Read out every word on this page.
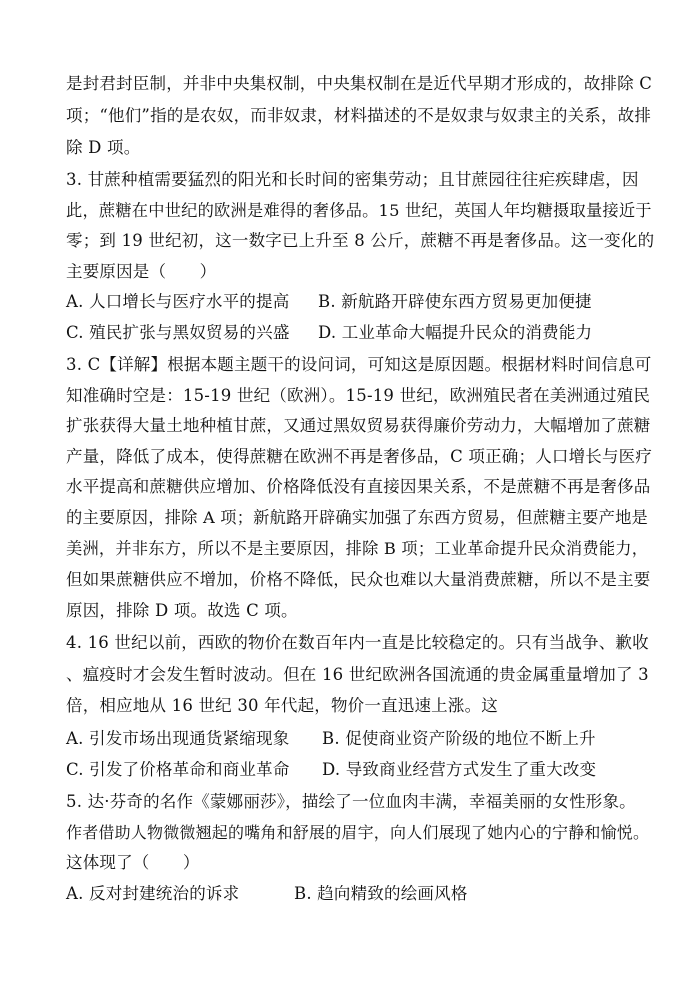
是封君封臣制，并非中央集权制，中央集权制在是近代早期才形成的，故排除 C
项；“他们”指的是农奴，而非奴隶，材料描述的不是奴隶与奴隶主的关系，故排
除 D 项。
3. 甘蔗种植需要猛烈的阳光和长时间的密集劳动；且甘蔗园往往疟疾肆虐，因
此，蔗糖在中世纪的欧洲是难得的奢侈品。15 世纪，英国人年均糖摄取量接近于
零；到 19 世纪初，这一数字已上升至 8 公斤，蔗糖不再是奢侈品。这一变化的
主要原因是（　　）
A. 人口增长与医疗水平的提高 B. 新航路开辟使东西方贸易更加便捷
C. 殖民扩张与黑奴贸易的兴盛 D. 工业革命大幅提升民众的消费能力
3. C【详解】根据本题主题干的设问词，可知这是原因题。根据材料时间信息可
知准确时空是：15-19 世纪（欧洲）。15-19 世纪，欧洲殖民者在美洲通过殖民
扩张获得大量土地种植甘蔗，又通过黑奴贸易获得廉价劳动力，大幅增加了蔗糖
产量，降低了成本，使得蔗糖在欧洲不再是奢侈品，C 项正确；人口增长与医疗
水平提高和蔗糖供应增加、价格降低没有直接因果关系，不是蔗糖不再是奢侈品
的主要原因，排除 A 项；新航路开辟确实加强了东西方贸易，但蔗糖主要产地是
美洲，并非东方，所以不是主要原因，排除 B 项；工业革命提升民众消费能力，
但如果蔗糖供应不增加，价格不降低，民众也难以大量消费蔗糖，所以不是主要
原因，排除 D 项。故选 C 项。
4. 16 世纪以前，西欧的物价在数百年内一直是比较稳定的。只有当战争、歉收
、瘟疫时才会发生暂时波动。但在 16 世纪欧洲各国流通的贵金属重量增加了 3
倍，相应地从 16 世纪 30 年代起，物价一直迅速上涨。这
A. 引发市场出现通货紧缩现象 B. 促使商业资产阶级的地位不断上升
C. 引发了价格革命和商业革命 D. 导致商业经营方式发生了重大改变
5. 达·芬奇的名作《蒙娜丽莎》，描绘了一位血肉丰满，幸福美丽的女性形象。
作者借助人物微微翘起的嘴角和舒展的眉宇，向人们展现了她内心的宁静和愉悦。
这体现了（　　）
A. 反对封建统治的诉求	B. 趋向精致的绘画风格
